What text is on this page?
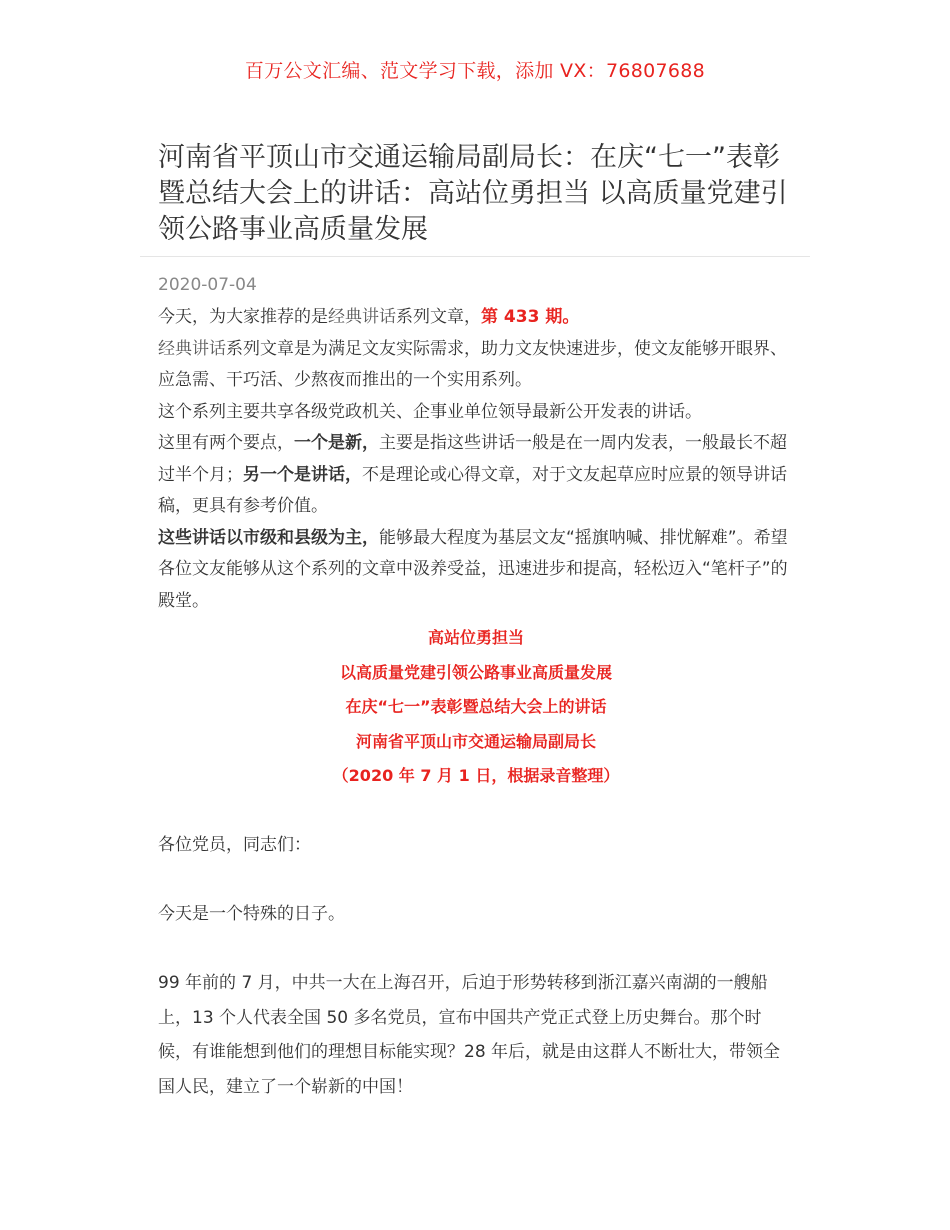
百万公文汇编、范文学习下载，添加 VX：76807688
河南省平顶山市交通运输局副局长：在庆“七一”表彰暨总结大会上的讲话：高站位勇担当 以高质量党建引领公路事业高质量发展
2020-07-04

今天，为大家推荐的是经典讲话系列文章，第 433 期。

经典讲话系列文章是为满足文友实际需求，助力文友快速进步，使文友能够开眼界、应急需、干巧活、少熬夜而推出的一个实用系列。

这个系列主要共享各级党政机关、企事业单位领导最新公开发表的讲话。

这里有两个要点，一个是新，主要是指这些讲话一般是在一周内发表，一般最长不超过半个月；另一个是讲话，不是理论或心得文章，对于文友起草应时应景的领导讲话稿，更具有参考价值。

这些讲话以市级和县级为主，能够最大程度为基层文友“摇旗呐喊、排忧解难”。希望各位文友能够从这个系列的文章中汲养受益，迅速进步和提高，轻松迈入“笔杆子”的殿堂。

高站位勇担当
以高质量党建引领公路事业高质量发展
在庆“七一”表彰暨总结大会上的讲话
河南省平顶山市交通运输局副局长
（2020 年 7 月 1 日，根据录音整理）

各位党员，同志们：

今天是一个特殊的日子。

99 年前的 7 月，中共一大在上海召开，后迫于形势转移到浙江嘉兴南湖的一艘船上，13 个人代表全国 50 多名党员，宣布中国共产党正式登上历史舞台。那个时候，有谁能想到他们的理想目标能实现？28 年后，就是由这群人不断壮大，带领全国人民，建立了一个崭新的中国！
